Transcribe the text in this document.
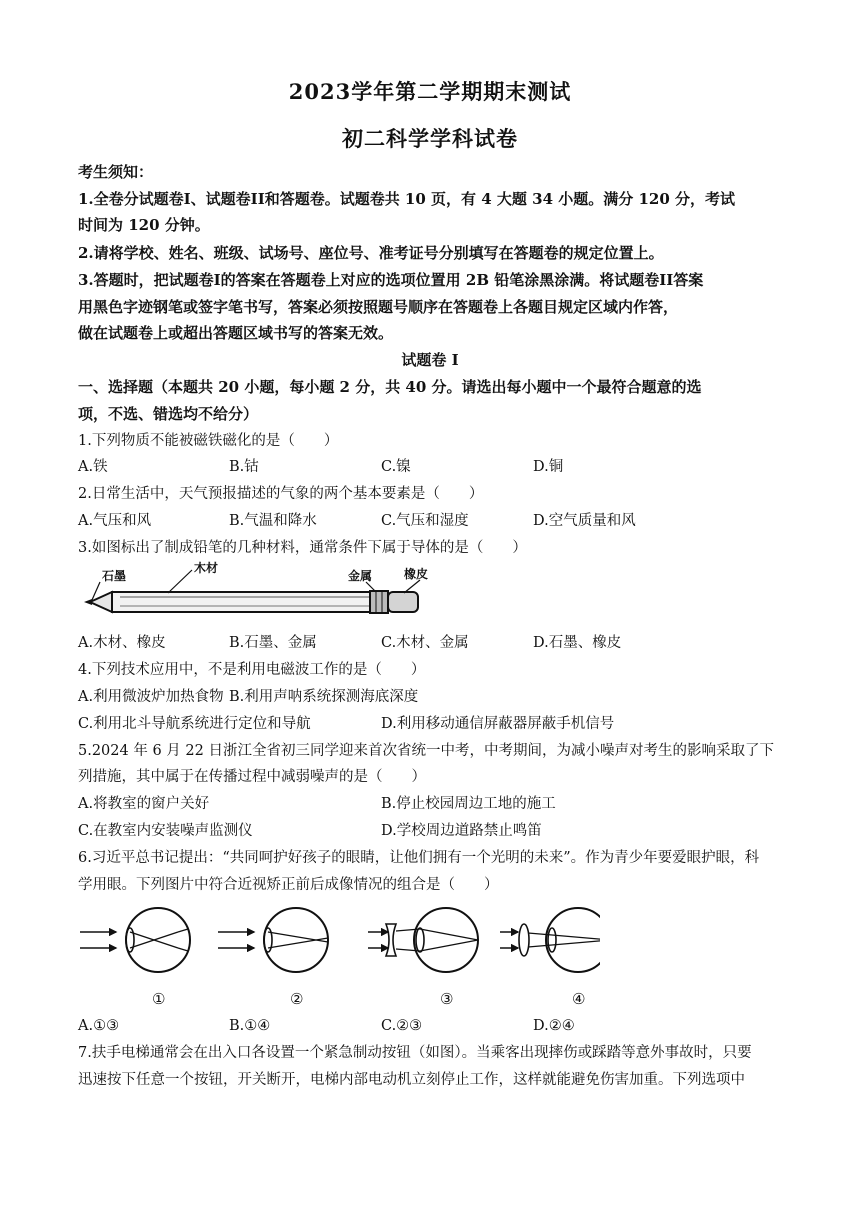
2023学年第二学期期末测试
初二科学学科试卷
考生须知：
1.全卷分试题卷I、试题卷II和答题卷。试题卷共 10 页，有 4 大题 34 小题。满分 120 分，考试
时间为 120 分钟。
2.请将学校、姓名、班级、试场号、座位号、准考证号分别填写在答题卷的规定位置上。
3.答题时，把试题卷I的答案在答题卷上对应的选项位置用 2B 铅笔涂黑涂满。将试题卷II答案
用黑色字迹钢笔或签字笔书写，答案必须按照题号顺序在答题卷上各题目规定区域内作答，
做在试题卷上或超出答题区域书写的答案无效。
试题卷 I
一、选择题（本题共 20 小题，每小题 2 分，共 40 分。请选出每小题中一个最符合题意的选
项，不选、错选均不给分）
1.下列物质不能被磁铁磁化的是（　　）
A.铁	B.钴	C.镍	D.铜
2.日常生活中，天气预报描述的气象的两个基本要素是（　　）
A.气压和风	B.气温和降水	C.气压和湿度	D.空气质量和风
3.如图标出了制成铅笔的几种材料，通常条件下属于导体的是（　　）
石墨
木材
金属	橡皮
A.木材、橡皮	B.石墨、金属	C.木材、金属	D.石墨、橡皮
4.下列技术应用中，不是利用电磁波工作的是（　　）
A.利用微波炉加热食物 B.利用声呐系统探测海底深度
C.利用北斗导航系统进行定位和导航	D.利用移动通信屏蔽器屏蔽手机信号
5.2024 年 6 月 22 日浙江全省初三同学迎来首次省统一中考，中考期间，为减小噪声对考生的影响采取了下
列措施，其中属于在传播过程中减弱噪声的是（　　）
A.将教室的窗户关好	B.停止校园周边工地的施工
C.在教室内安装噪声监测仪	D.学校周边道路禁止鸣笛
6.习近平总书记提出：“共同呵护好孩子的眼睛，让他们拥有一个光明的未来”。作为青少年要爱眼护眼，科
学用眼。下列图片中符合近视矫正前后成像情况的组合是（　　）
①	②	③	④
A.①③	B.①④	C.②③	D.②④
7.扶手电梯通常会在出入口各设置一个紧急制动按钮（如图）。当乘客出现摔伤或踩踏等意外事故时，只要
迅速按下任意一个按钮，开关断开，电梯内部电动机立刻停止工作，这样就能避免伤害加重。下列选项中
